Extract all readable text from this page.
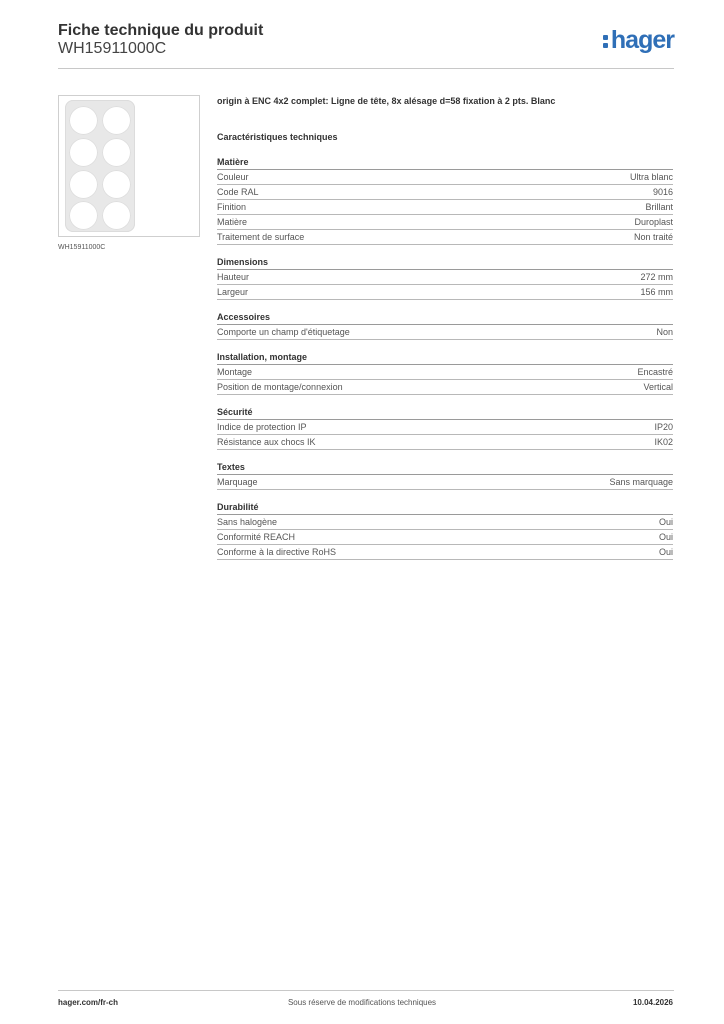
Fiche technique du produit
WH15911000C	hager
WH15911000C
origin à ENC 4x2 complet: Ligne de tête, 8x alésage d=58 fixation à 2 pts. Blanc
Caractéristiques techniques
Matière
Couleur	Ultra blanc
Code RAL	9016
Finition	Brillant
Matière	Duroplast
Traitement de surface	Non traité
Dimensions
Hauteur	272 mm
Largeur	156 mm
Accessoires
Comporte un champ d'étiquetage	Non
Installation, montage
Montage	Encastré
Position de montage/connexion	Vertical
Sécurité
Indice de protection IP	IP20
Résistance aux chocs IK	IK02
Textes
Marquage	Sans marquage
Durabilité
Sans halogène	Oui
Conformité REACH	Oui
Conforme à la directive RoHS	Oui
hager.com/fr-ch	Sous réserve de modifications techniques	10.04.2026
